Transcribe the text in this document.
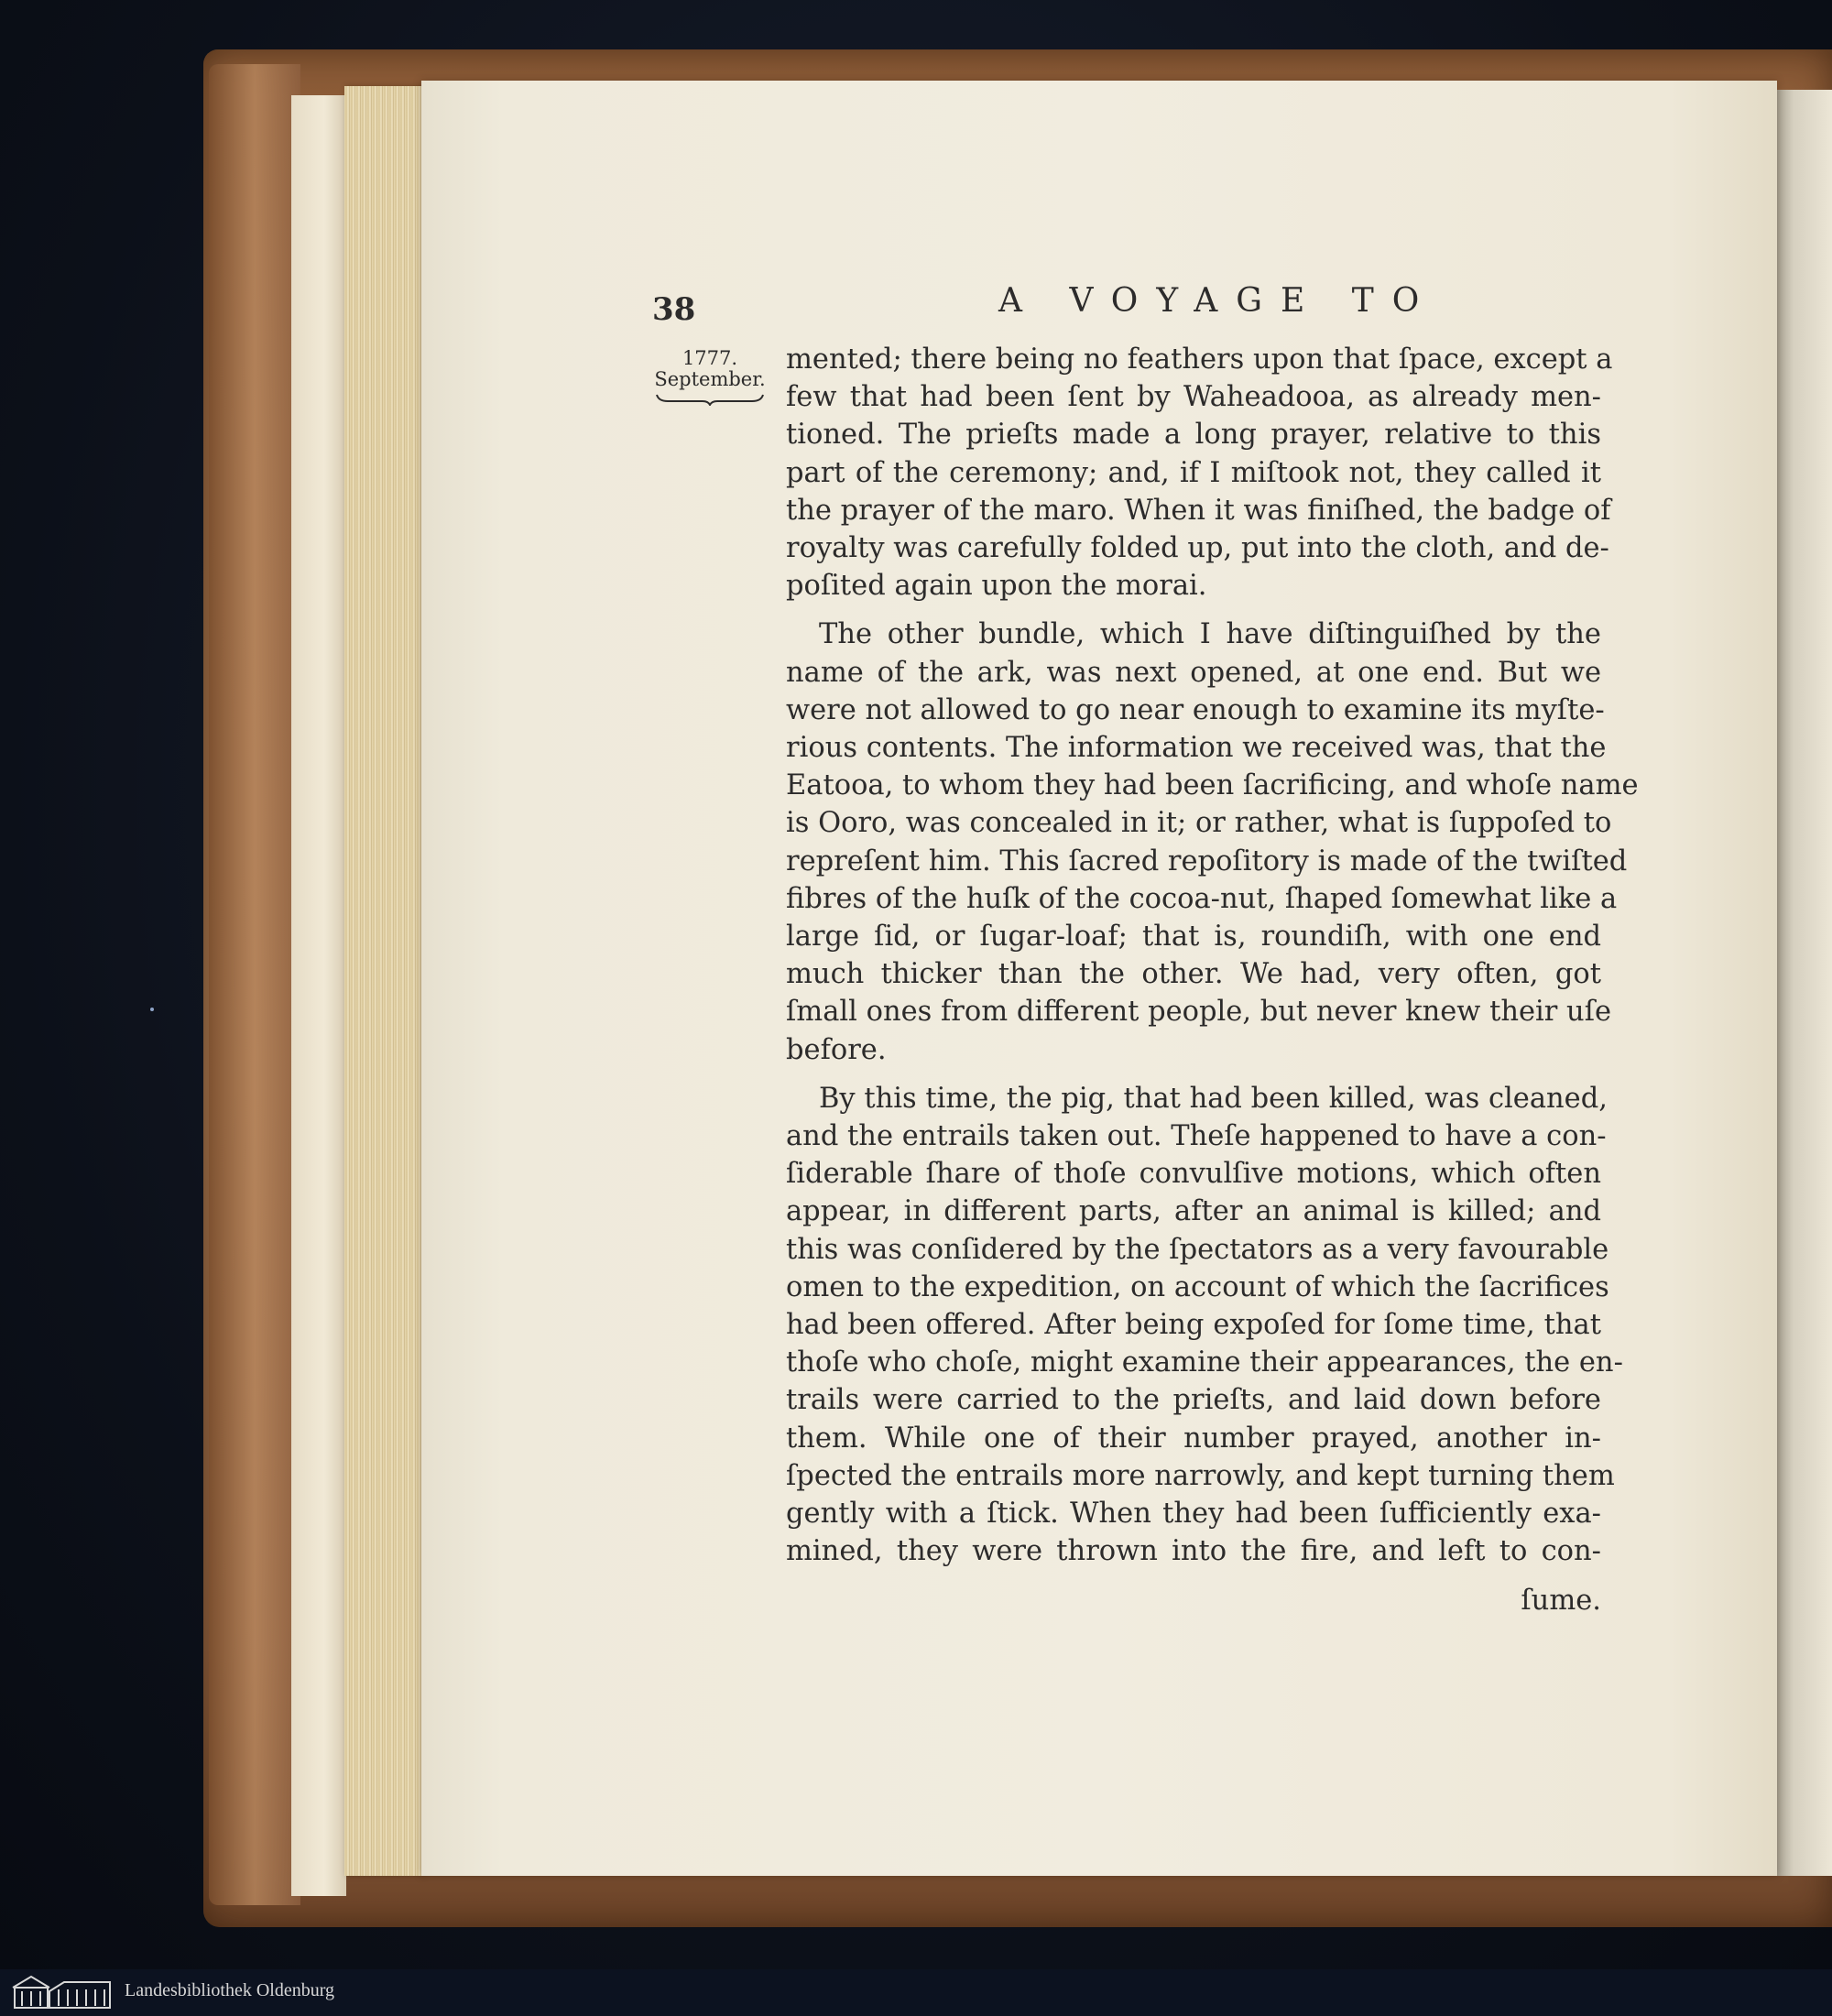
38	A VOYAGE TO
1777.
September.

mented; there being no feathers upon that ſpace, except a
few that had been ſent by Waheadooa, as already men-
tioned. The prieſts made a long prayer, relative to this
part of the ceremony; and, if I miſtook not, they called it
the prayer of the maro. When it was finiſhed, the badge of
royalty was carefully folded up, put into the cloth, and de-
poſited again upon the morai.

The other bundle, which I have diſtinguiſhed by the
name of the ark, was next opened, at one end. But we
were not allowed to go near enough to examine its myſte-
rious contents. The information we received was, that the
Eatooa, to whom they had been ſacrificing, and whoſe name
is Ooro, was concealed in it; or rather, what is ſuppoſed to
repreſent him. This ſacred repoſitory is made of the twiſted
fibres of the huſk of the cocoa-nut, ſhaped ſomewhat like a
large ſid, or ſugar-loaf; that is, roundiſh, with one end
much thicker than the other. We had, very often, got
ſmall ones from different people, but never knew their uſe
before.

By this time, the pig, that had been killed, was cleaned,
and the entrails taken out. Theſe happened to have a con-
ſiderable ſhare of thoſe convulſive motions, which often
appear, in different parts, after an animal is killed; and
this was conſidered by the ſpectators as a very favourable
omen to the expedition, on account of which the ſacrifices
had been offered. After being expoſed for ſome time, that
thoſe who choſe, might examine their appearances, the en-
trails were carried to the prieſts, and laid down before
them. While one of their number prayed, another in-
ſpected the entrails more narrowly, and kept turning them
gently with a ſtick. When they had been ſufficiently exa-
mined, they were thrown into the fire, and left to con-

ſume.
Landesbibliothek Oldenburg
